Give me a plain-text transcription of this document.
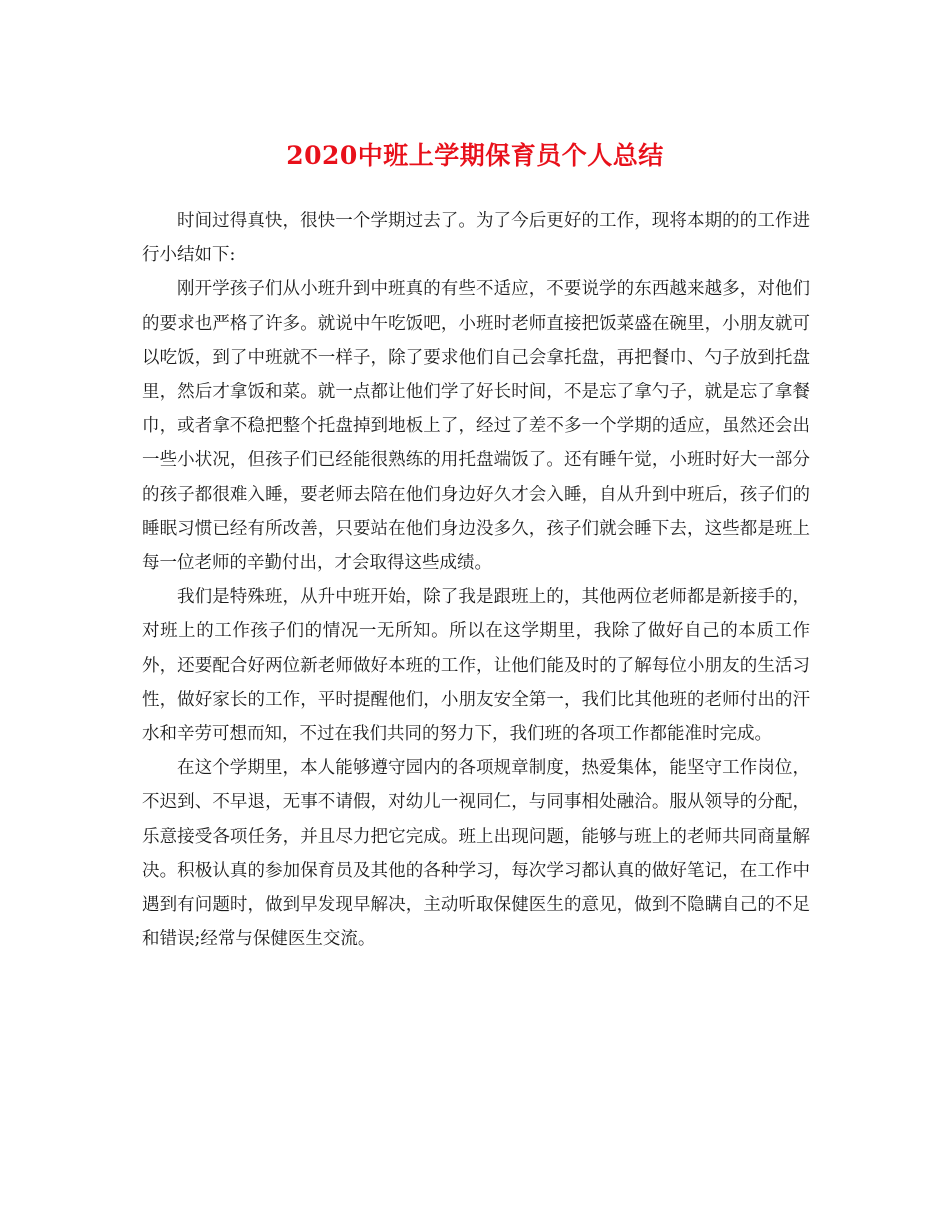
2020中班上学期保育员个人总结

时间过得真快，很快一个学期过去了。为了今后更好的工作，现将本期的的工作进行小结如下:

刚开学孩子们从小班升到中班真的有些不适应，不要说学的东西越来越多，对他们的要求也严格了许多。就说中午吃饭吧，小班时老师直接把饭菜盛在碗里，小朋友就可以吃饭，到了中班就不一样子，除了要求他们自己会拿托盘，再把餐巾、勺子放到托盘里，然后才拿饭和菜。就一点都让他们学了好长时间，不是忘了拿勺子，就是忘了拿餐巾，或者拿不稳把整个托盘掉到地板上了，经过了差不多一个学期的适应，虽然还会出一些小状况，但孩子们已经能很熟练的用托盘端饭了。还有睡午觉，小班时好大一部分的孩子都很难入睡，要老师去陪在他们身边好久才会入睡，自从升到中班后，孩子们的睡眠习惯已经有所改善，只要站在他们身边没多久，孩子们就会睡下去，这些都是班上每一位老师的辛勤付出，才会取得这些成绩。

我们是特殊班，从升中班开始，除了我是跟班上的，其他两位老师都是新接手的，对班上的工作孩子们的情况一无所知。所以在这学期里，我除了做好自己的本质工作外，还要配合好两位新老师做好本班的工作，让他们能及时的了解每位小朋友的生活习性，做好家长的工作，平时提醒他们，小朋友安全第一，我们比其他班的老师付出的汗水和辛劳可想而知，不过在我们共同的努力下，我们班的各项工作都能准时完成。

在这个学期里，本人能够遵守园内的各项规章制度，热爱集体，能坚守工作岗位，不迟到、不早退，无事不请假，对幼儿一视同仁，与同事相处融洽。服从领导的分配，乐意接受各项任务，并且尽力把它完成。班上出现问题，能够与班上的老师共同商量解决。积极认真的参加保育员及其他的各种学习，每次学习都认真的做好笔记，在工作中遇到有问题时，做到早发现早解决，主动听取保健医生的意见，做到不隐瞒自己的不足和错误;经常与保健医生交流。
